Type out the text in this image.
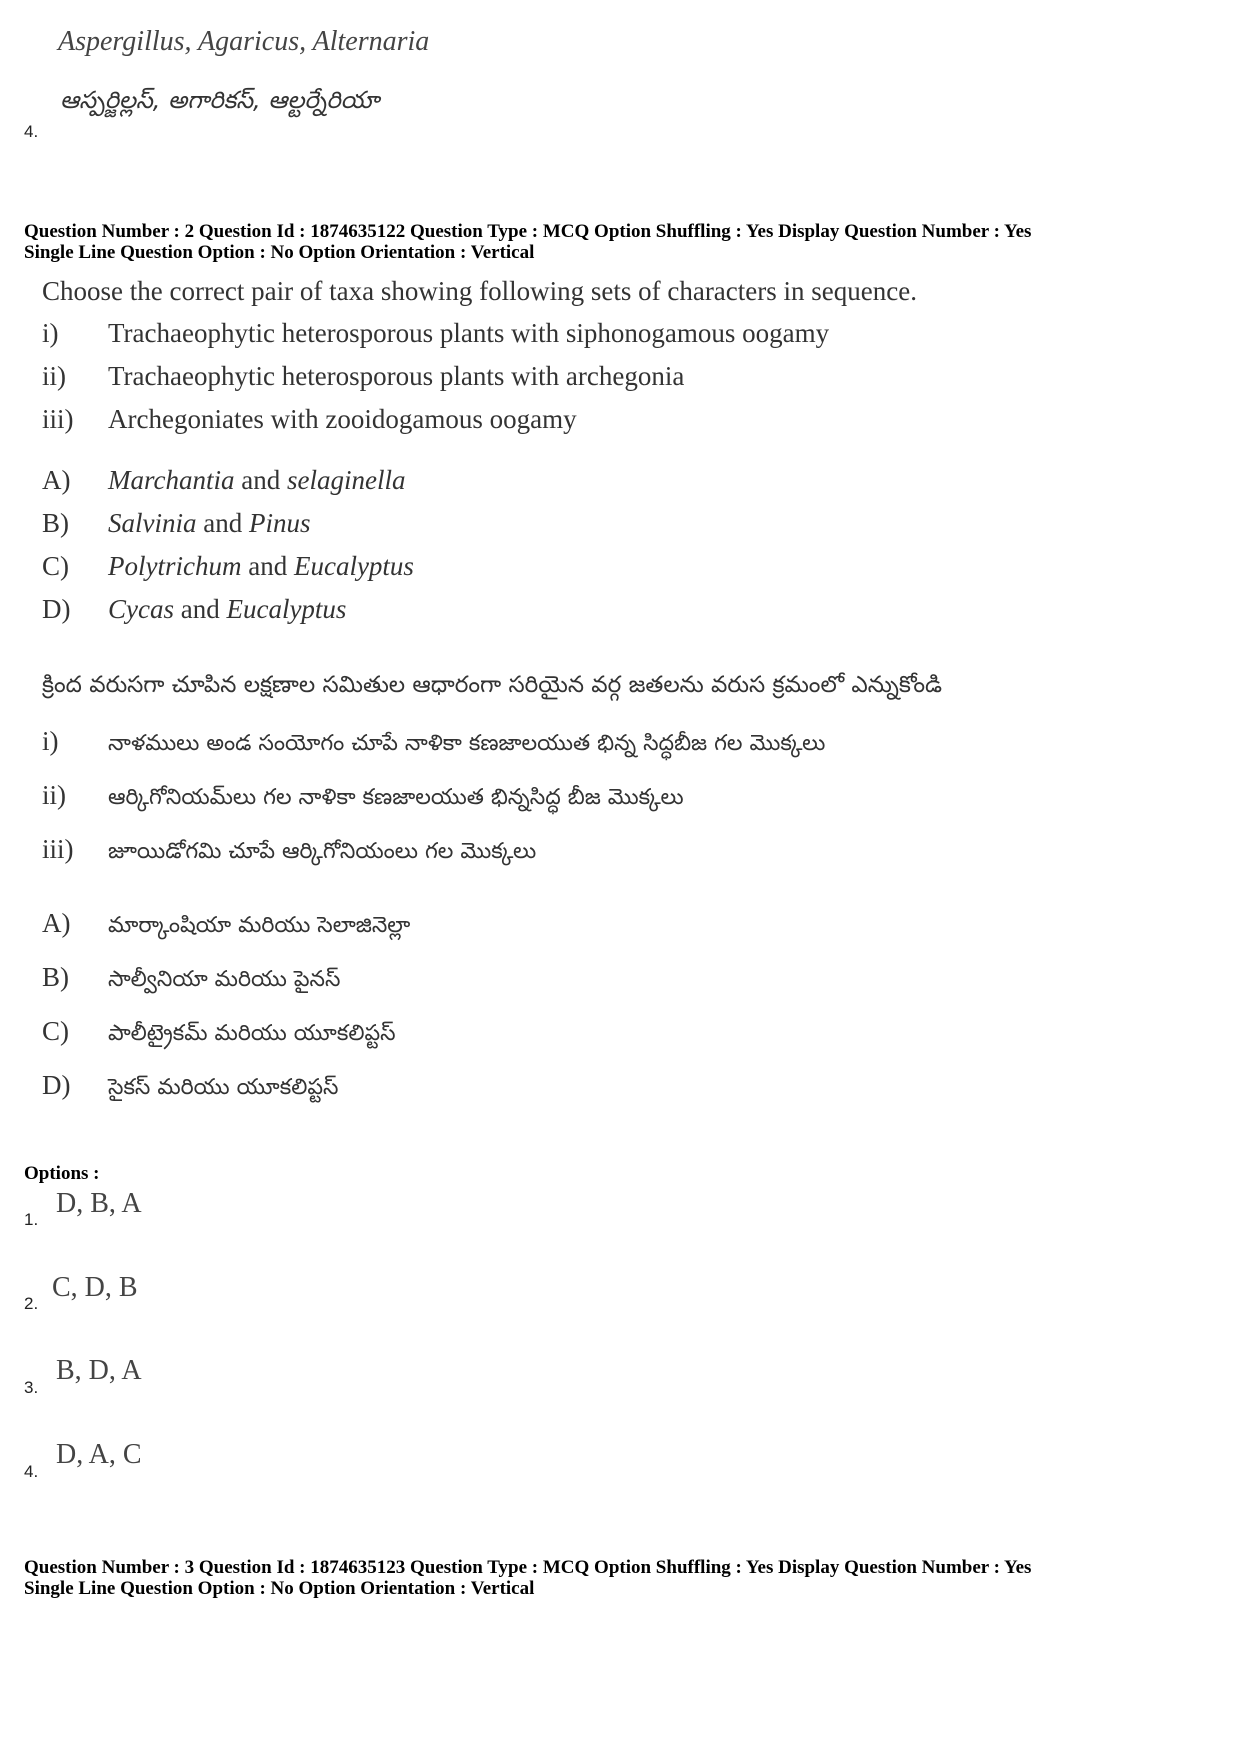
Aspergillus, Agaricus, Alternaria
ఆస్పర్జిల్లస్, అగారికస్, ఆల్టర్నేరియా
4.
Question Number : 2 Question Id : 1874635122 Question Type : MCQ Option Shuffling : Yes Display Question Number : Yes
Single Line Question Option : No Option Orientation : Vertical
Choose the correct pair of taxa showing following sets of characters in sequence.
i) Trachaeophytic heterosporous plants with siphonogamous oogamy
ii) Trachaeophytic heterosporous plants with archegonia
iii) Archegoniates with zooidogamous oogamy
A) Marchantia and selaginella
B) Salvinia and Pinus
C) Polytrichum and Eucalyptus
D) Cycas and Eucalyptus
క్రింద వరుసగా చూపిన లక్షణాల సమితుల ఆధారంగా సరియైన వర్గ జతలను వరుస క్రమంలో ఎన్నుకోండి
i) నాళములు అండ సంయోగం చూపే నాళికా కణజాలయుత భిన్న సిద్ధబీజ గల మొక్కలు
ii) ఆర్కిగోనియమ్‌లు గల నాళికా కణజాలయుత భిన్నసిద్ధ బీజ మొక్కలు
iii) జూయిడోగమి చూపే ఆర్కిగోనియంలు గల మొక్కలు
A) మార్కాంషియా మరియు సెలాజినెల్లా
B) సాల్వీనియా మరియు పైనస్
C) పాలీట్రైకమ్ మరియు యూకలిప్టస్
D) సైకస్ మరియు యూకలిప్టస్
Options :
1.
D, B, A
2.
C, D, B
3.
B, D, A
4.
D, A, C
Question Number : 3 Question Id : 1874635123 Question Type : MCQ Option Shuffling : Yes Display Question Number : Yes
Single Line Question Option : No Option Orientation : Vertical
